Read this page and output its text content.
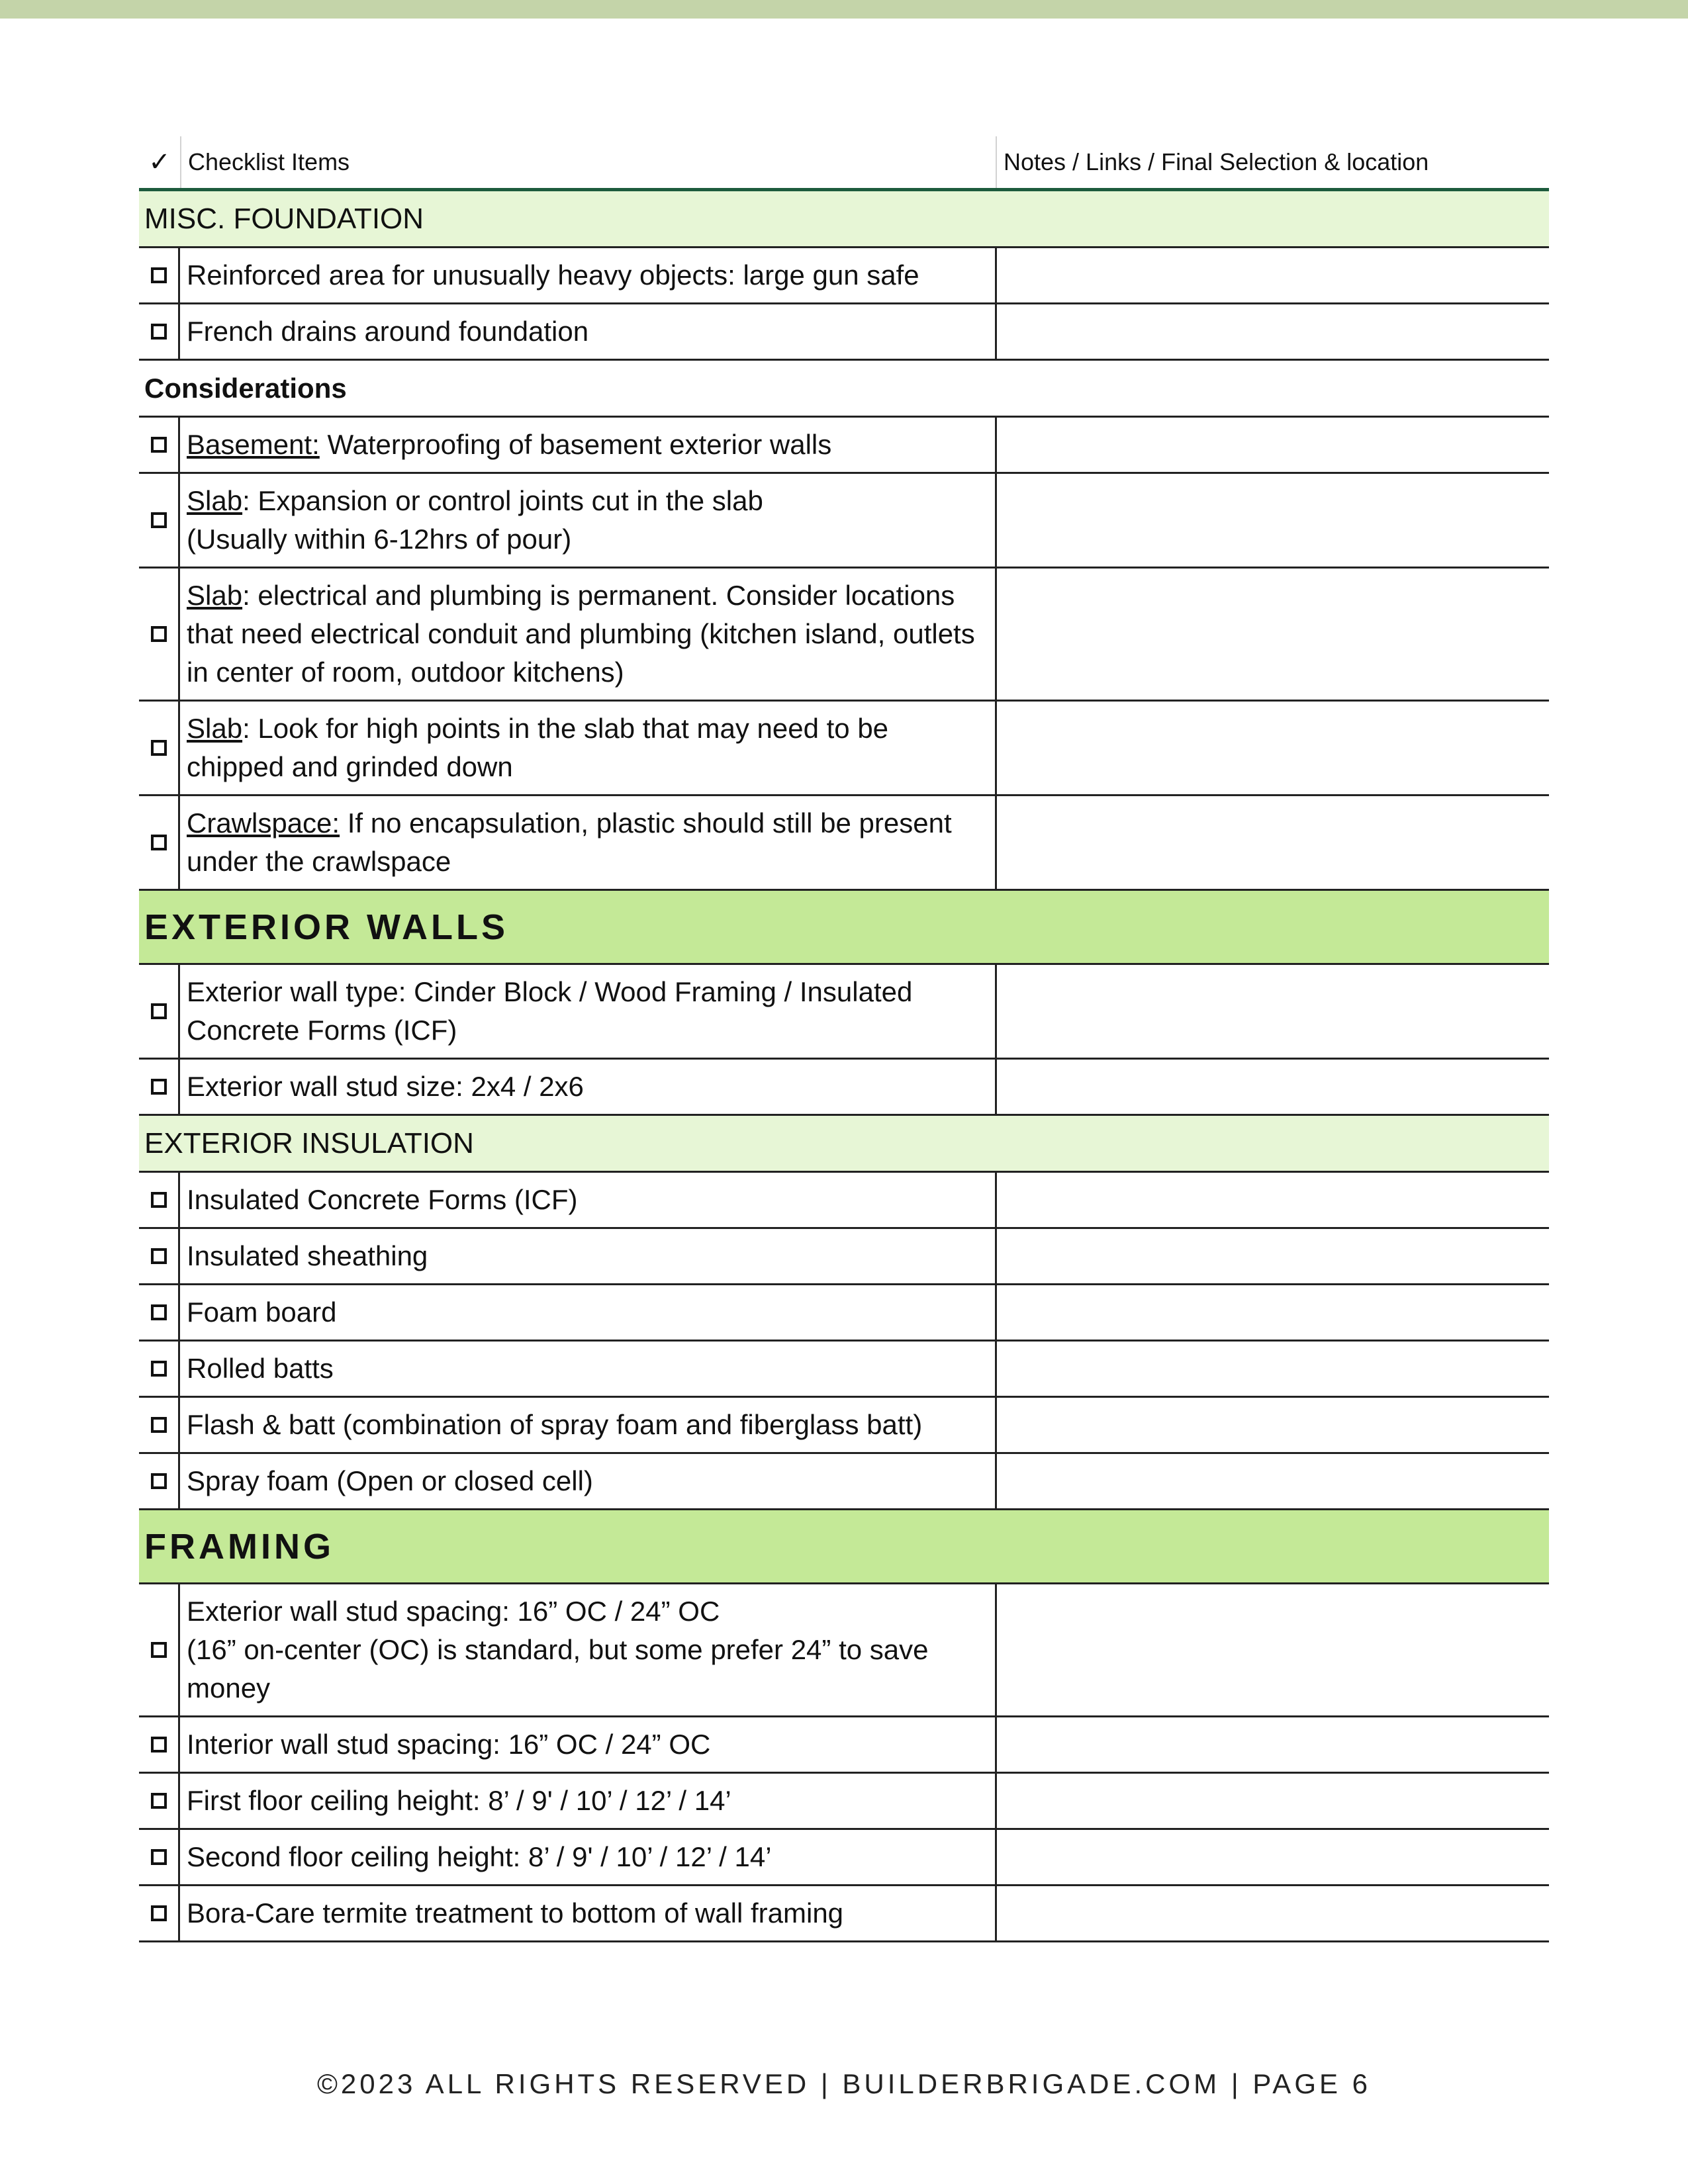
✓ Checklist Items	Notes / Links / Final Selection & location
MISC. FOUNDATION
Reinforced area for unusually heavy objects: large gun safe
French drains around foundation
Considerations
Basement: Waterproofing of basement exterior walls
Slab: Expansion or control joints cut in the slab
(Usually within 6-12hrs of pour)
Slab: electrical and plumbing is permanent. Consider locations that need electrical conduit and plumbing (kitchen island, outlets in center of room, outdoor kitchens)
Slab: Look for high points in the slab that may need to be chipped and grinded down
Crawlspace: If no encapsulation, plastic should still be present under the crawlspace
EXTERIOR WALLS
Exterior wall type: Cinder Block / Wood Framing / Insulated Concrete Forms (ICF)
Exterior wall stud size: 2x4 / 2x6
EXTERIOR INSULATION
Insulated Concrete Forms (ICF)
Insulated sheathing
Foam board
Rolled batts
Flash & batt (combination of spray foam and fiberglass batt)
Spray foam (Open or closed cell)
FRAMING
Exterior wall stud spacing: 16” OC / 24” OC
(16” on-center (OC) is standard, but some prefer 24” to save money
Interior wall stud spacing: 16” OC / 24” OC
First floor ceiling height: 8’ / 9' / 10’ / 12’ / 14’
Second floor ceiling height: 8’ / 9' / 10’ / 12’ / 14’
Bora-Care termite treatment to bottom of wall framing
©2023 ALL RIGHTS RESERVED | BUILDERBRIGADE.COM | PAGE 6
